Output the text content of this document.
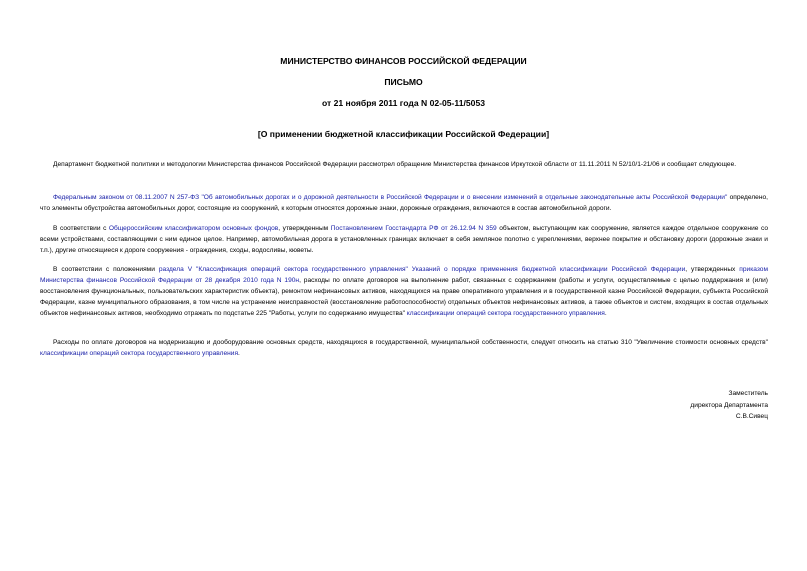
МИНИСТЕРСТВО ФИНАНСОВ РОССИЙСКОЙ ФЕДЕРАЦИИ
ПИСЬМО
от 21 ноября 2011 года N 02-05-11/5053
[О применении бюджетной классификации Российской Федерации]
Департамент бюджетной политики и методологии Министерства финансов Российской Федерации рассмотрел обращение Министерства финансов Иркутской области от 11.11.2011 N 52/10/1-21/06 и сообщает следующее.
Федеральным законом от 08.11.2007 N 257-ФЗ "Об автомобильных дорогах и о дорожной деятельности в Российской Федерации и о внесении изменений в отдельные законодательные акты Российской Федерации" определено, что элементы обустройства автомобильных дорог, состоящие из сооружений, к которым относятся дорожные знаки, дорожные ограждения, включаются в состав автомобильной дороги.
В соответствии с Общероссийским классификатором основных фондов, утвержденным Постановлением Госстандарта РФ от 26.12.94 N 359 объектом, выступающим как сооружение, является каждое отдельное сооружение со всеми устройствами, составляющими с ним единое целое. Например, автомобильная дорога в установленных границах включает в себя земляное полотно с укреплениями, верхнее покрытие и обстановку дороги (дорожные знаки и т.п.), другие относящиеся к дороге сооружения - ограждения, сходы, водосливы, кюветы.
В соответствии с положениями раздела V "Классификация операций сектора государственного управления" Указаний о порядке применения бюджетной классификации Российской Федерации, утвержденных приказом Министерства финансов Российской Федерации от 28 декабря 2010 года N 190н, расходы по оплате договоров на выполнение работ, связанных с содержанием (работы и услуги, осуществляемые с целью поддержания и (или) восстановления функциональных, пользовательских характеристик объекта), ремонтом нефинансовых активов, находящихся на праве оперативного управления и в государственной казне Российской Федерации, субъекта Российской Федерации, казне муниципального образования, в том числе на устранение неисправностей (восстановление работоспособности) отдельных объектов нефинансовых активов, а также объектов и систем, входящих в состав отдельных объектов нефинансовых активов, необходимо отражать по подстатье 225 "Работы, услуги по содержанию имущества" классификации операций сектора государственного управления.
Расходы по оплате договоров на модернизацию и дооборудование основных средств, находящихся в государственной, муниципальной собственности, следует относить на статью 310 "Увеличение стоимости основных средств" классификации операций сектора государственного управления.
Заместитель
директора Департамента
С.В.Сивец
